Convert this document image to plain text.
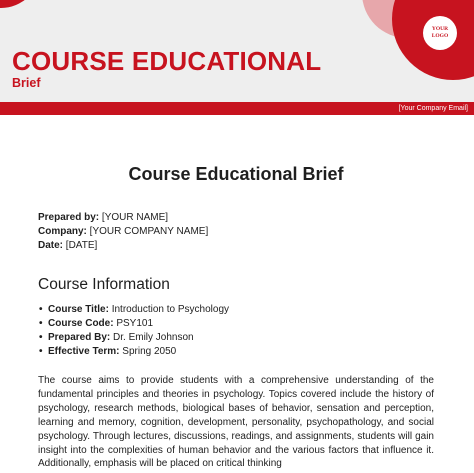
YOUR
LOGO
COURSE EDUCATIONAL
Brief
[Your Company Email]
Course Educational Brief
Prepared by: [YOUR NAME]
Company: [YOUR COMPANY NAME]
Date: [DATE]
Course Information
• Course Title: Introduction to Psychology
• Course Code: PSY101
• Prepared By: Dr. Emily Johnson
• Effective Term: Spring 2050
The course aims to provide students with a comprehensive understanding of the fundamental principles and theories in psychology. Topics covered include the history of psychology, research methods, biological bases of behavior, sensation and perception, learning and memory, cognition, development, personality, psychopathology, and social psychology. Through lectures, discussions, readings, and assignments, students will gain insight into the complexities of human behavior and the various factors that influence it. Additionally, emphasis will be placed on critical thinking
